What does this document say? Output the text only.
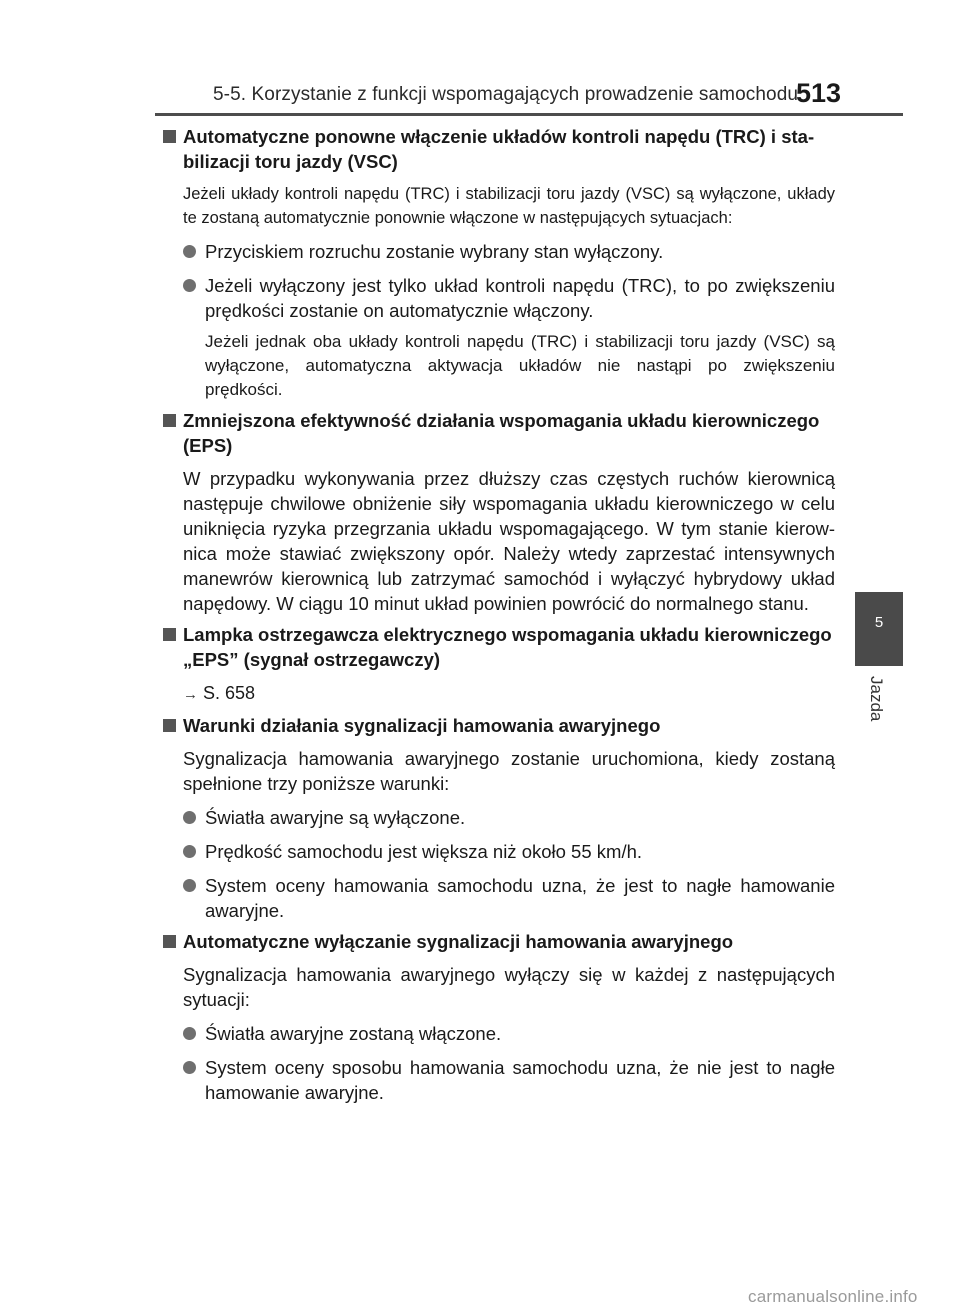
5-5. Korzystanie z funkcji wspomagających prowadzenie samochodu
513
5
Jazda
Automatyczne ponowne włączenie układów kontroli napędu (TRC) i sta-bilizacji toru jazdy (VSC)
Jeżeli układy kontroli napędu (TRC) i stabilizacji toru jazdy (VSC) są wyłączone, układy te zostaną automatycznie ponownie włączone w następujących sytuacjach:
Przyciskiem rozruchu zostanie wybrany stan wyłączony.
Jeżeli wyłączony jest tylko układ kontroli napędu (TRC), to po zwiększeniu prędkości zostanie on automatycznie włączony.
Jeżeli jednak oba układy kontroli napędu (TRC) i stabilizacji toru jazdy (VSC) są wyłączone, automatyczna aktywacja układów nie nastąpi po zwiększeniu prędkości.
Zmniejszona efektywność działania wspomagania układu kierowniczego (EPS)
W przypadku wykonywania przez dłuższy czas częstych ruchów kierownicą następuje chwilowe obniżenie siły wspomagania układu kierowniczego w celu uniknięcia ryzyka przegrzania układu wspomagającego. W tym stanie kierow-nica może stawiać zwiększony opór. Należy wtedy zaprzestać intensywnych manewrów kierownicą lub zatrzymać samochód i wyłączyć hybrydowy układ napędowy. W ciągu 10 minut układ powinien powrócić do normalnego stanu.
Lampka ostrzegawcza elektrycznego wspomagania układu kierowniczego „EPS” (sygnał ostrzegawczy)
→ S. 658
Warunki działania sygnalizacji hamowania awaryjnego
Sygnalizacja hamowania awaryjnego zostanie uruchomiona, kiedy zostaną spełnione trzy poniższe warunki:
Światła awaryjne są wyłączone.
Prędkość samochodu jest większa niż około 55 km/h.
System oceny hamowania samochodu uzna, że jest to nagłe hamowanie awaryjne.
Automatyczne wyłączanie sygnalizacji hamowania awaryjnego
Sygnalizacja hamowania awaryjnego wyłączy się w każdej z następujących sytuacji:
Światła awaryjne zostaną włączone.
System oceny sposobu hamowania samochodu uzna, że nie jest to nagłe hamowanie awaryjne.
carmanualsonline.info
